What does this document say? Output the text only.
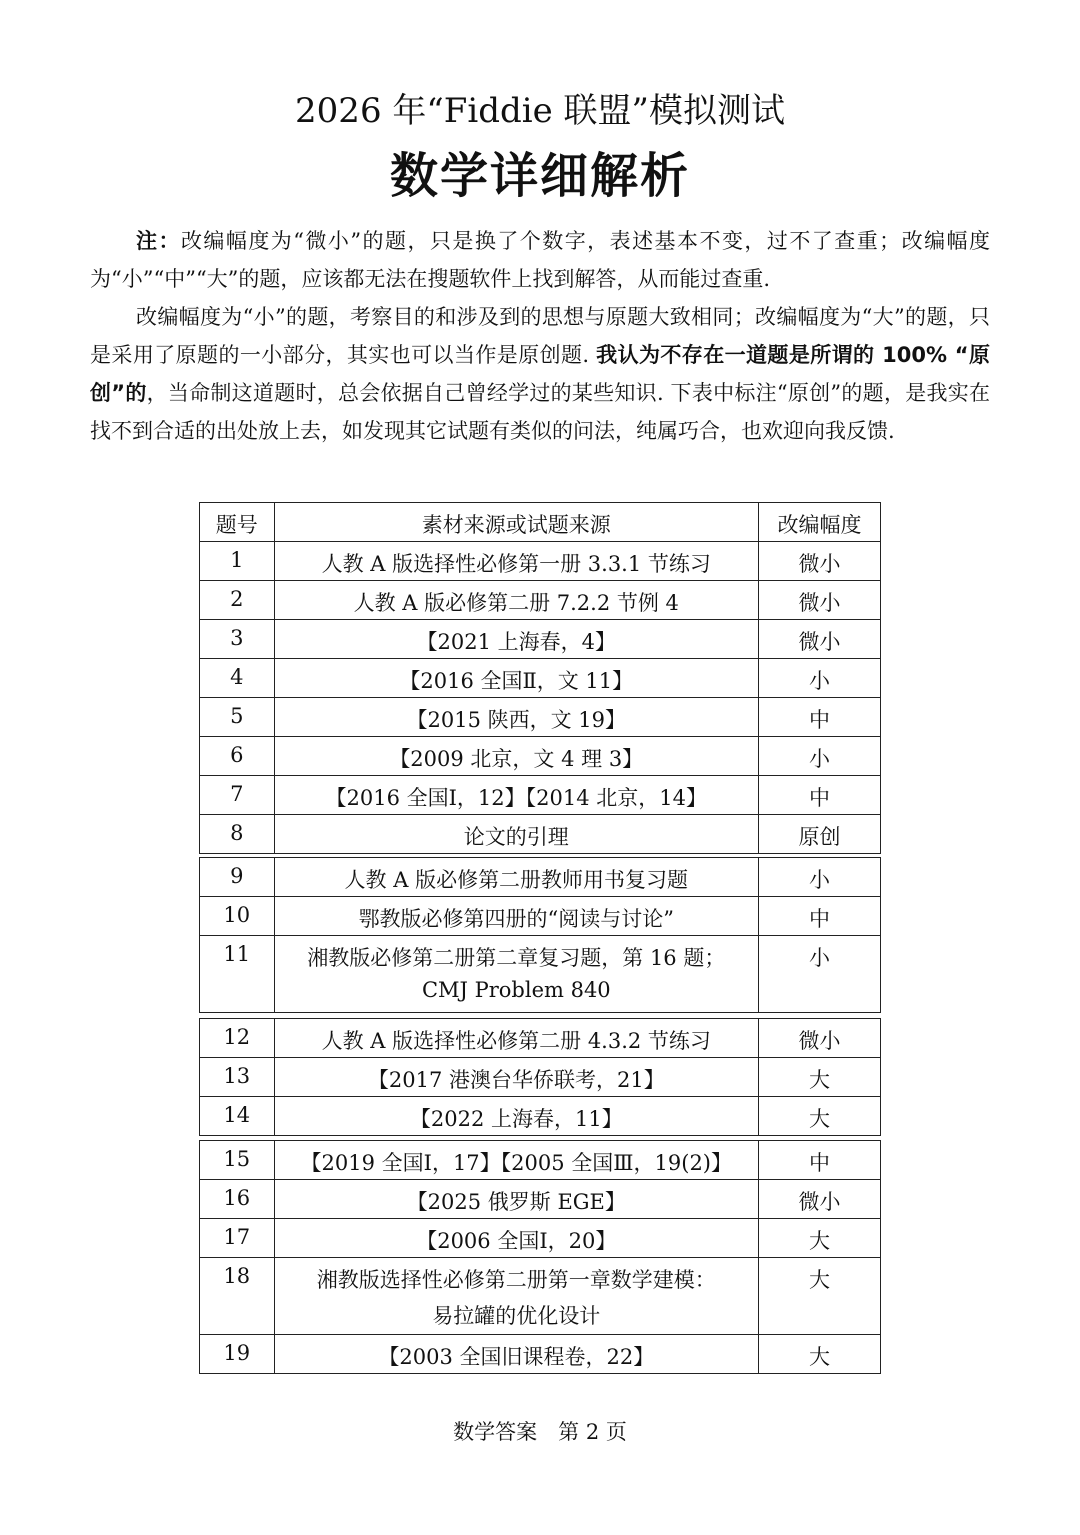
2026 年“Fiddie 联盟”模拟测试
数学详细解析

注：改编幅度为“微小”的题，只是换了个数字，表述基本不变，过不了查重；改编幅度为“小”“中”“大”的题，应该都无法在搜题软件上找到解答，从而能过查重.

改编幅度为“小”的题，考察目的和涉及到的思想与原题大致相同；改编幅度为“大”的题，只是采用了原题的一小部分，其实也可以当作是原创题. 我认为不存在一道题是所谓的 100% “原创”的，当命制这道题时，总会依据自己曾经学过的某些知识. 下表中标注“原创”的题，是我实在找不到合适的出处放上去，如发现其它试题有类似的问法，纯属巧合，也欢迎向我反馈.

题号	素材来源或试题来源	改编幅度
1	人教 A 版选择性必修第一册 3.3.1 节练习	微小
2	人教 A 版必修第二册 7.2.2 节例 4	微小
3	【2021 上海春，4】	微小
4	【2016 全国Ⅱ，文 11】	小
5	【2015 陕西，文 19】	中
6	【2009 北京，文 4 理 3】	小
7	【2016 全国Ⅰ，12】【2014 北京，14】	中
8	论文的引理	原创
9	人教 A 版必修第二册教师用书复习题	小
10	鄂教版必修第四册的“阅读与讨论”	中
11	湘教版必修第二册第二章复习题，第 16 题；
CMJ Problem 840	小
12	人教 A 版选择性必修第二册 4.3.2 节练习	微小
13	【2017 港澳台华侨联考，21】	大
14	【2022 上海春，11】	大
15	【2019 全国Ⅰ，17】【2005 全国Ⅲ，19(2)】	中
16	【2025 俄罗斯 EGE】	微小
17	【2006 全国Ⅰ，20】	大
18	湘教版选择性必修第二册第一章数学建模：
易拉罐的优化设计	大
19	【2003 全国旧课程卷，22】	大
数学答案　第 2 页
